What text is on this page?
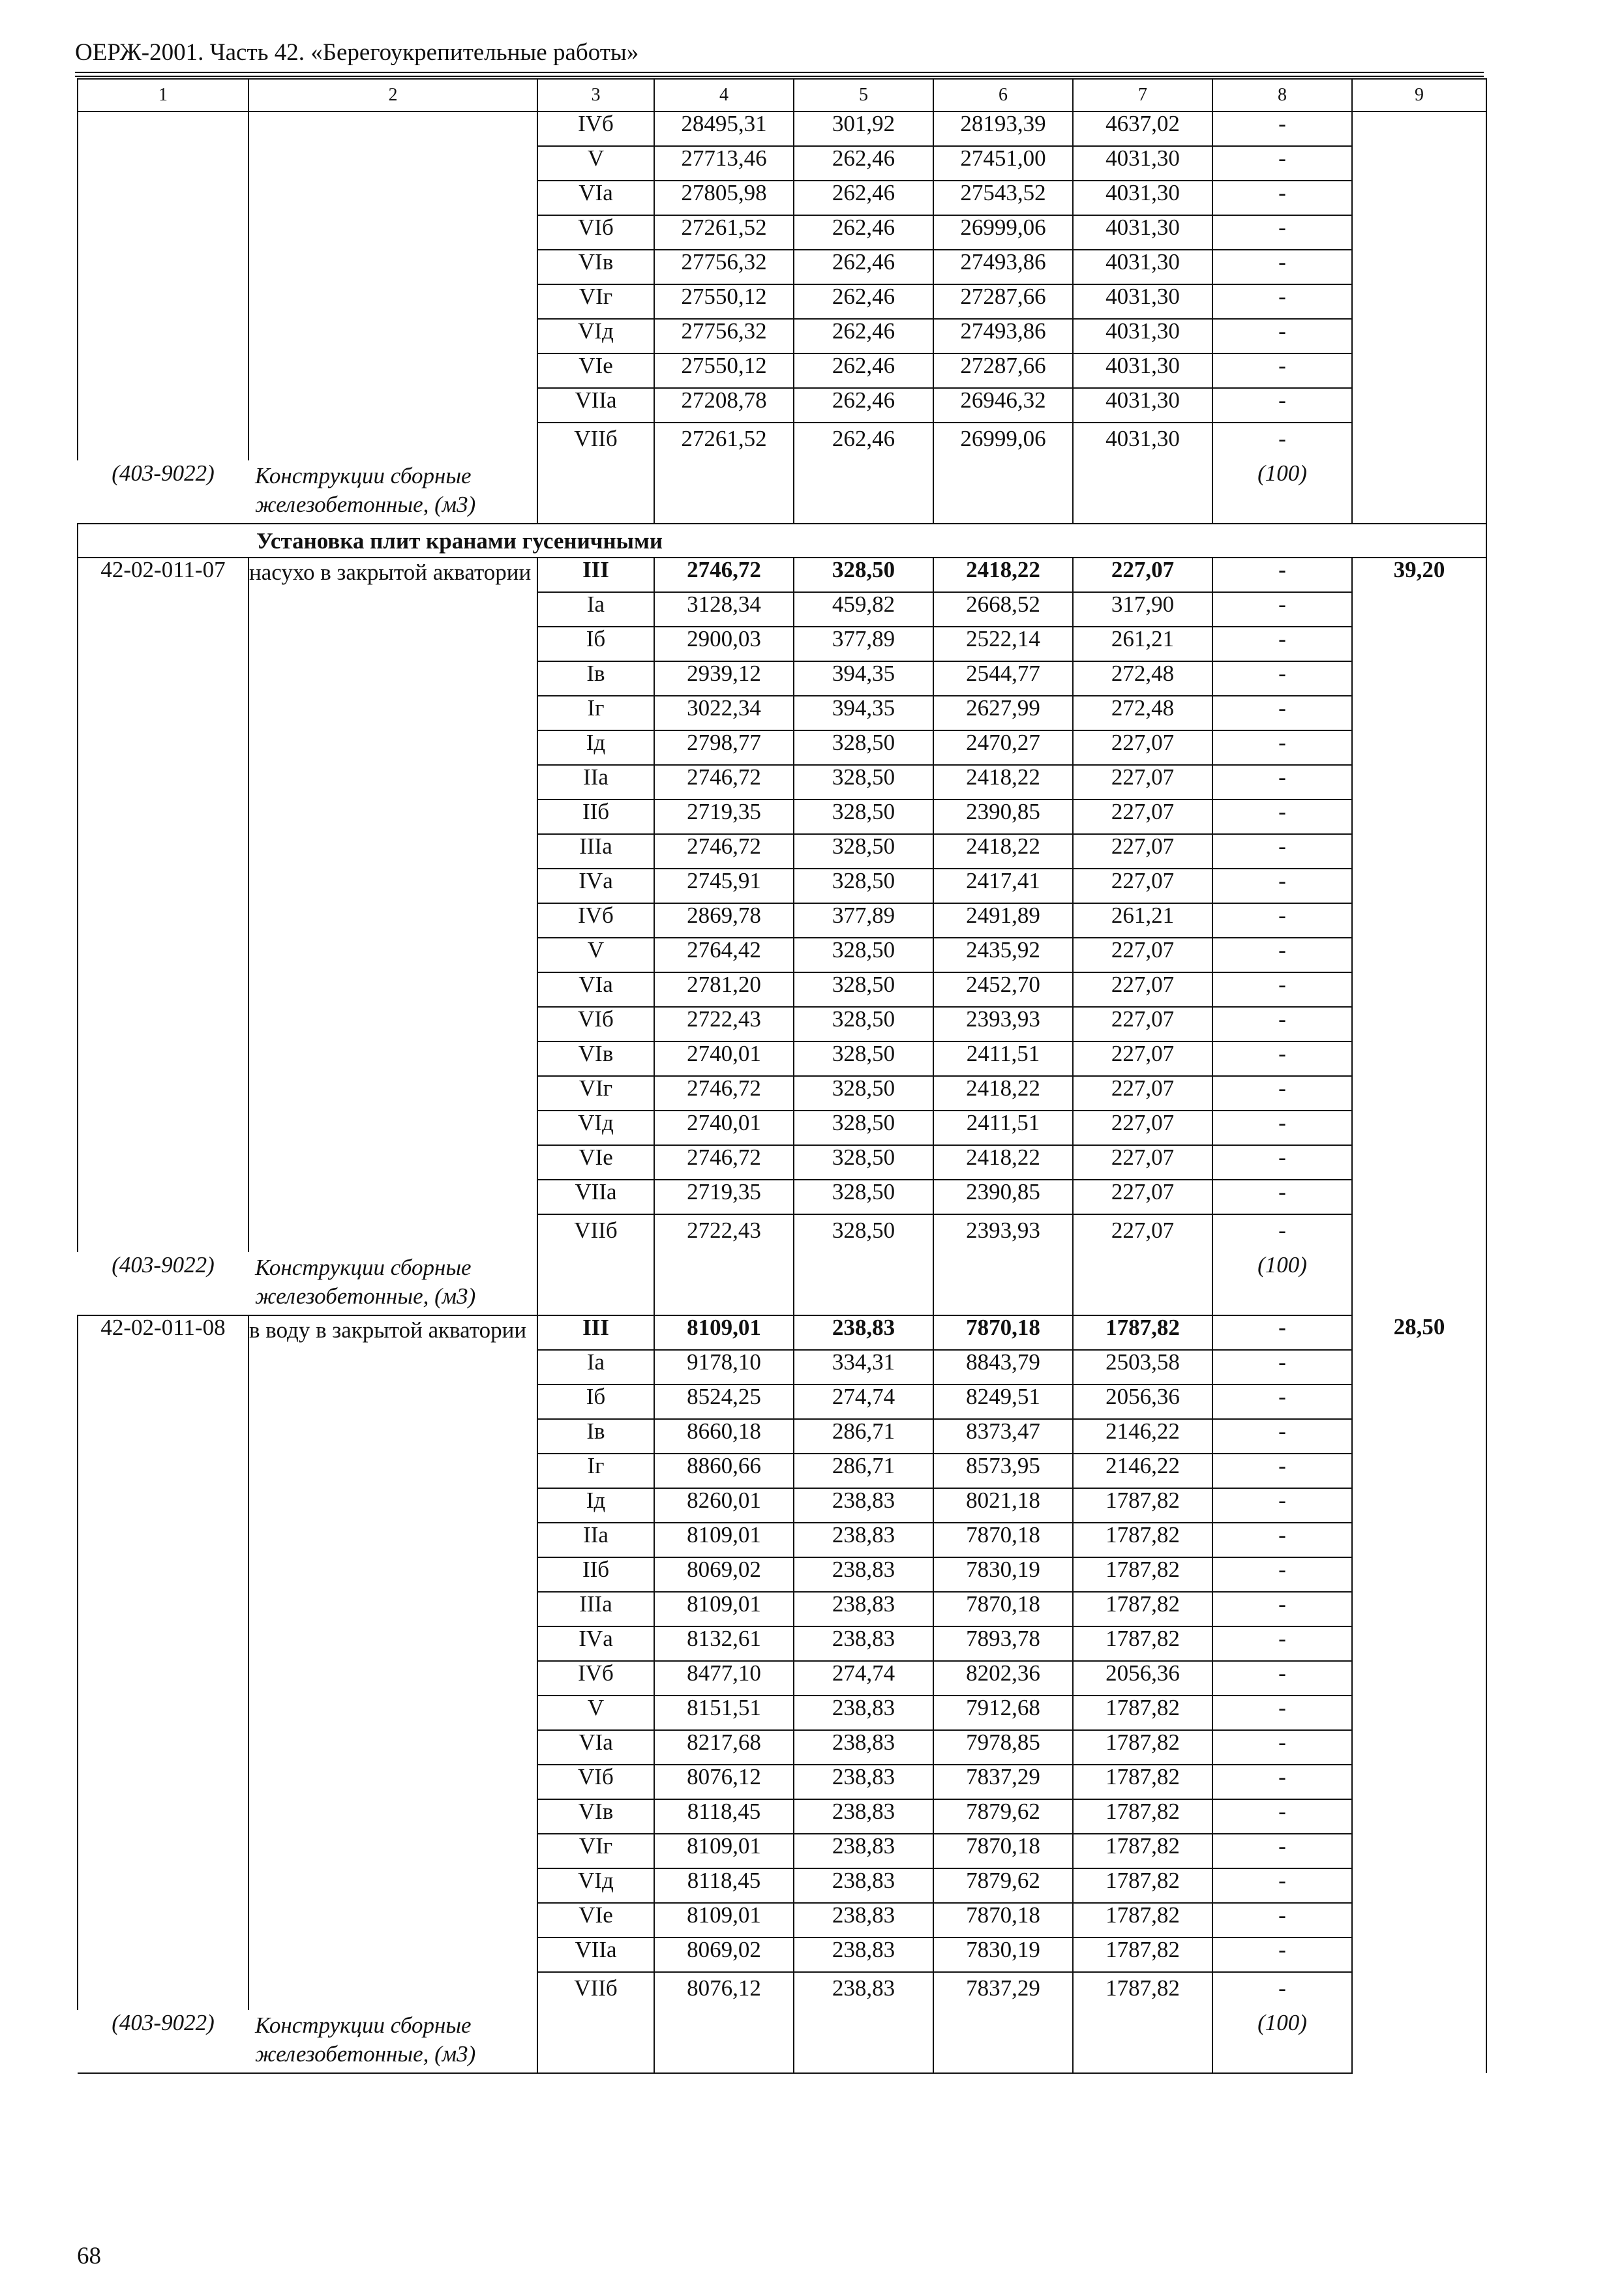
ОЕРЖ-2001. Часть 42. «Берегоукрепительные работы»
1	2	3	4	5	6	7	8	9
		IVб	28495,31	301,92	28193,39	4637,02	-	
		V	27713,46	262,46	27451,00	4031,30	-	
		VIа	27805,98	262,46	27543,52	4031,30	-	
		VIб	27261,52	262,46	26999,06	4031,30	-	
		VIв	27756,32	262,46	27493,86	4031,30	-	
		VIг	27550,12	262,46	27287,66	4031,30	-	
		VIд	27756,32	262,46	27493,86	4031,30	-	
		VIе	27550,12	262,46	27287,66	4031,30	-	
		VIIа	27208,78	262,46	26946,32	4031,30	-	
		VIIб	27261,52	262,46	26999,06	4031,30	-	
(403-9022)	Конструкции сборные железобетонные, (м3)						(100)	
Установка плит кранами гусеничными								
42-02-011-07	насухо в закрытой акватории	III	2746,72	328,50	2418,22	227,07	-	39,20
		Iа	3128,34	459,82	2668,52	317,90	-	
		Iб	2900,03	377,89	2522,14	261,21	-	
		Iв	2939,12	394,35	2544,77	272,48	-	
		Iг	3022,34	394,35	2627,99	272,48	-	
		Iд	2798,77	328,50	2470,27	227,07	-	
		IIа	2746,72	328,50	2418,22	227,07	-	
		IIб	2719,35	328,50	2390,85	227,07	-	
		IIIа	2746,72	328,50	2418,22	227,07	-	
		IVа	2745,91	328,50	2417,41	227,07	-	
		IVб	2869,78	377,89	2491,89	261,21	-	
		V	2764,42	328,50	2435,92	227,07	-	
		VIа	2781,20	328,50	2452,70	227,07	-	
		VIб	2722,43	328,50	2393,93	227,07	-	
		VIв	2740,01	328,50	2411,51	227,07	-	
		VIг	2746,72	328,50	2418,22	227,07	-	
		VIд	2740,01	328,50	2411,51	227,07	-	
		VIе	2746,72	328,50	2418,22	227,07	-	
		VIIа	2719,35	328,50	2390,85	227,07	-	
		VIIб	2722,43	328,50	2393,93	227,07	-	
(403-9022)	Конструкции сборные железобетонные, (м3)						(100)	
42-02-011-08	в воду в закрытой акватории	III	8109,01	238,83	7870,18	1787,82	-	28,50
		Iа	9178,10	334,31	8843,79	2503,58	-	
		Iб	8524,25	274,74	8249,51	2056,36	-	
		Iв	8660,18	286,71	8373,47	2146,22	-	
		Iг	8860,66	286,71	8573,95	2146,22	-	
		Iд	8260,01	238,83	8021,18	1787,82	-	
		IIа	8109,01	238,83	7870,18	1787,82	-	
		IIб	8069,02	238,83	7830,19	1787,82	-	
		IIIа	8109,01	238,83	7870,18	1787,82	-	
		IVа	8132,61	238,83	7893,78	1787,82	-	
		IVб	8477,10	274,74	8202,36	2056,36	-	
		V	8151,51	238,83	7912,68	1787,82	-	
		VIа	8217,68	238,83	7978,85	1787,82	-	
		VIб	8076,12	238,83	7837,29	1787,82	-	
		VIв	8118,45	238,83	7879,62	1787,82	-	
		VIг	8109,01	238,83	7870,18	1787,82	-	
		VIд	8118,45	238,83	7879,62	1787,82	-	
		VIе	8109,01	238,83	7870,18	1787,82	-	
		VIIа	8069,02	238,83	7830,19	1787,82	-	
		VIIб	8076,12	238,83	7837,29	1787,82	-	
(403-9022)	Конструкции сборные железобетонные, (м3)						(100)	
68
